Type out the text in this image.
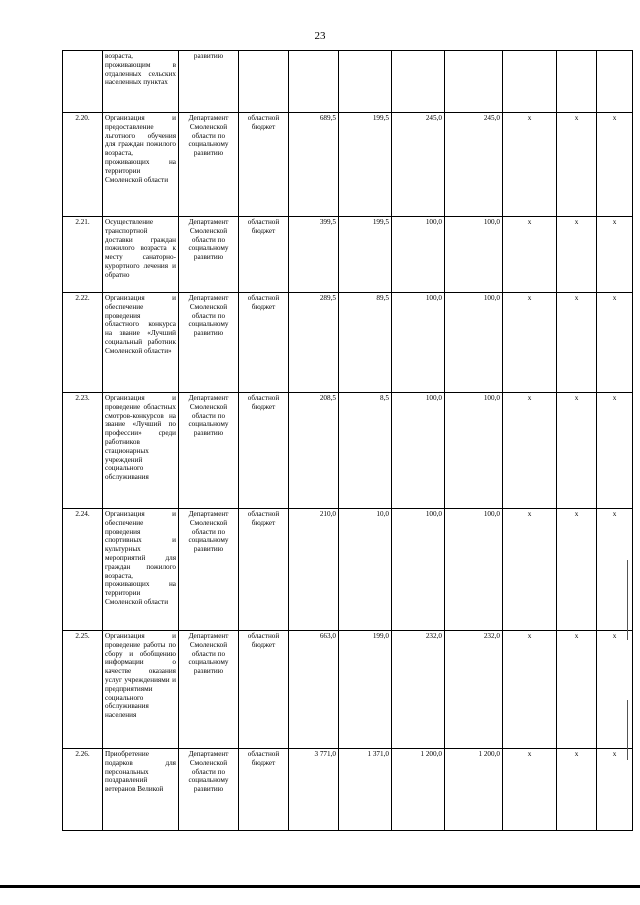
23
	возраста, проживающим в отдаленных сельских населенных пунктах	развитию								
2.20.	Организация и предоставление льготного обучения для граждан пожилого возраста, проживающих на территории Смоленской области	Департамент Смоленской области по социальному развитию	областной бюджет	689,5	199,5	245,0	245,0	х	х	х
2.21.	Осуществление транспортной доставки граждан пожилого возраста к месту санаторно-курортного лечения и обратно	Департамент Смоленской области по социальному развитию	областной бюджет	399,5	199,5	100,0	100,0	х	х	х
2.22.	Организация и обеспечение проведения областного конкурса на звание «Лучший социальный работник Смоленской области»	Департамент Смоленской области по социальному развитию	областной бюджет	289,5	89,5	100,0	100,0	х	х	х
2.23.	Организация и проведение областных смотров-конкурсов на звание «Лучший по профессии» среди работников стационарных учреждений социального обслуживания	Департамент Смоленской области по социальному развитию	областной бюджет	208,5	8,5	100,0	100,0	х	х	х
2.24.	Организация и обеспечение проведения спортивных и культурных мероприятий для граждан пожилого возраста, проживающих на территории Смоленской области	Департамент Смоленской области по социальному развитию	областной бюджет	210,0	10,0	100,0	100,0	х	х	х
2.25.	Организация и проведение работы по сбору и обобщению информации о качестве оказания услуг учреждениями и предприятиями социального обслуживания населения	Департамент Смоленской области по социальному развитию	областной бюджет	663,0	199,0	232,0	232,0	х	х	х
2.26.	Приобретение подарков для персональных поздравлений ветеранов Великой	Департамент Смоленской области по социальному развитию	областной бюджет	3 771,0	1 371,0	1 200,0	1 200,0	х	х	х
